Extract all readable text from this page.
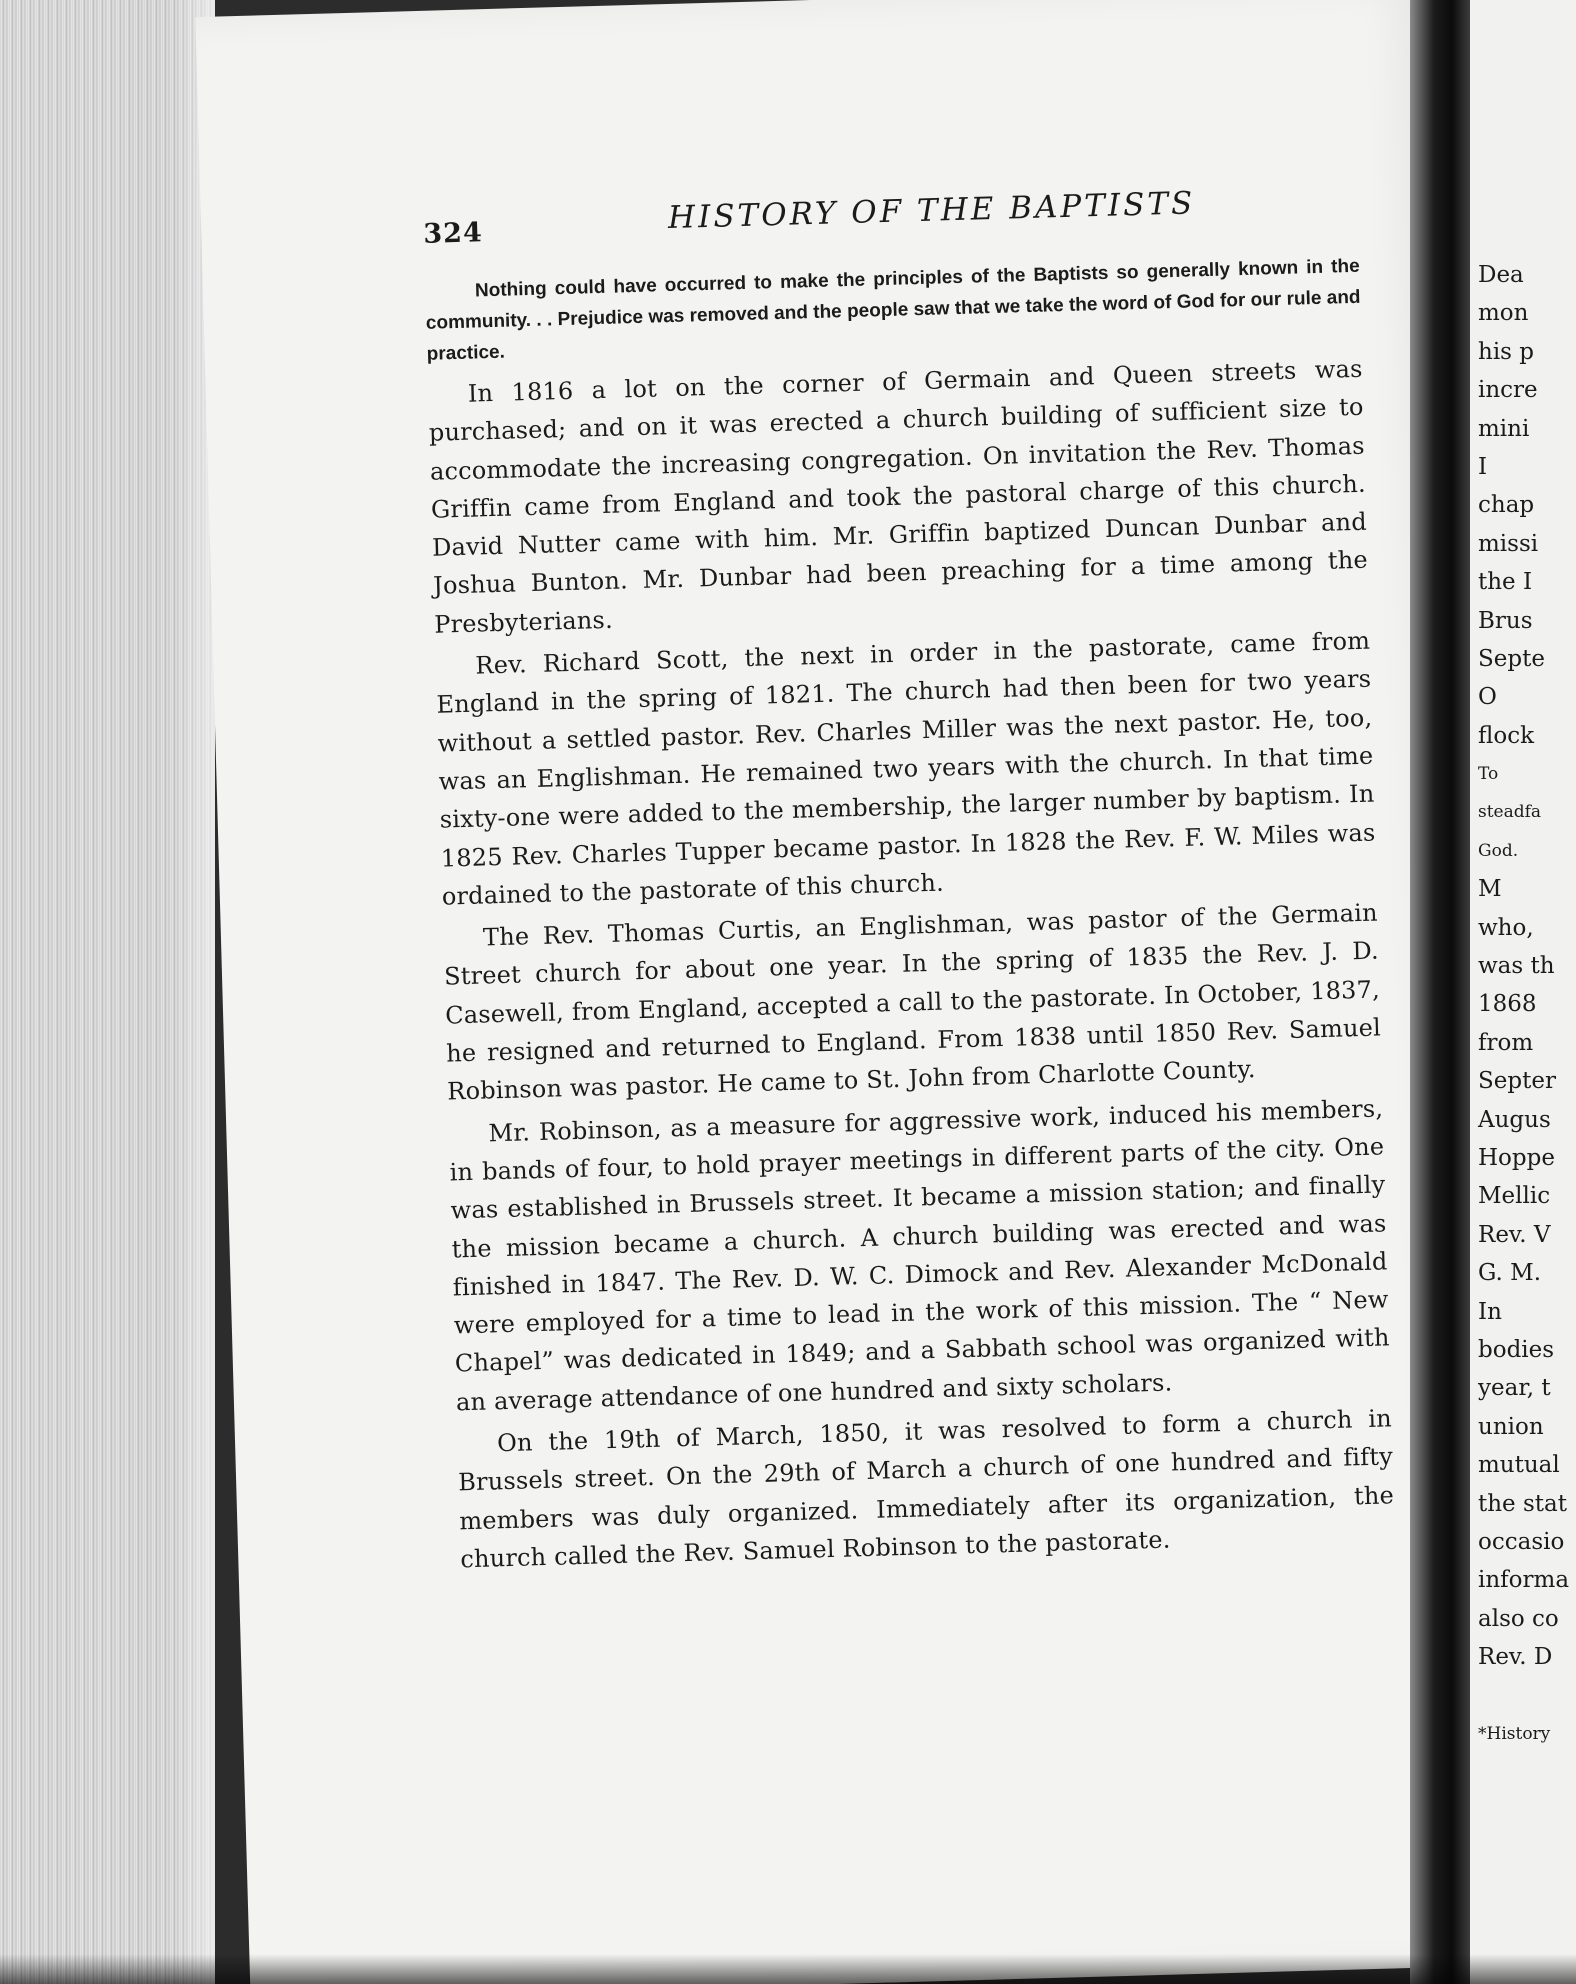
324	HISTORY OF THE BAPTISTS

Nothing could have occurred to make the principles of the Baptists so generally known in the community. . . Prejudice was removed and the people saw that we take the word of God for our rule and practice.

In 1816 a lot on the corner of Germain and Queen streets was purchased; and on it was erected a church building of sufficient size to accommodate the increasing congregation. On invitation the Rev. Thomas Griffin came from England and took the pastoral charge of this church. David Nutter came with him. Mr. Griffin baptized Duncan Dunbar and Joshua Bunton. Mr. Dunbar had been preaching for a time among the Presbyterians.

Rev. Richard Scott, the next in order in the pastorate, came from England in the spring of 1821. The church had then been for two years without a settled pastor. Rev. Charles Miller was the next pastor. He, too, was an Englishman. He remained two years with the church. In that time sixty-one were added to the membership, the larger number by baptism. In 1825 Rev. Charles Tupper became pastor. In 1828 the Rev. F. W. Miles was ordained to the pastorate of this church.

The Rev. Thomas Curtis, an Englishman, was pastor of the Germain Street church for about one year. In the spring of 1835 the Rev. J. D. Casewell, from England, accepted a call to the pastorate. In October, 1837, he resigned and returned to England. From 1838 until 1850 Rev. Samuel Robinson was pastor. He came to St. John from Charlotte County.

Mr. Robinson, as a measure for aggressive work, induced his members, in bands of four, to hold prayer meetings in different parts of the city. One was established in Brussels street. It became a mission station; and finally the mission became a church. A church building was erected and was finished in 1847. The Rev. D. W. C. Dimock and Rev. Alexander McDonald were employed for a time to lead in the work of this mission. The “ New Chapel” was dedicated in 1849; and a Sabbath school was organized with an average attendance of one hundred and sixty scholars.

On the 19th of March, 1850, it was resolved to form a church in Brussels street. On the 29th of March a church of one hundred and fifty members was duly organized. Immediately after its organization, the church called the Rev. Samuel Robinson to the pastorate.

Dea
mon
his p
incre
mini
I
chap
missi
the I
Brus
Septe
O
flock
To
steadfa
God.
M
who,
was th
1868
from
Septer
Augus
Hoppe
Mellic
Rev. V
G. M.
In
bodies
year, t
union
mutual
the stat
occasio
informa
also co
Rev. D
*History
